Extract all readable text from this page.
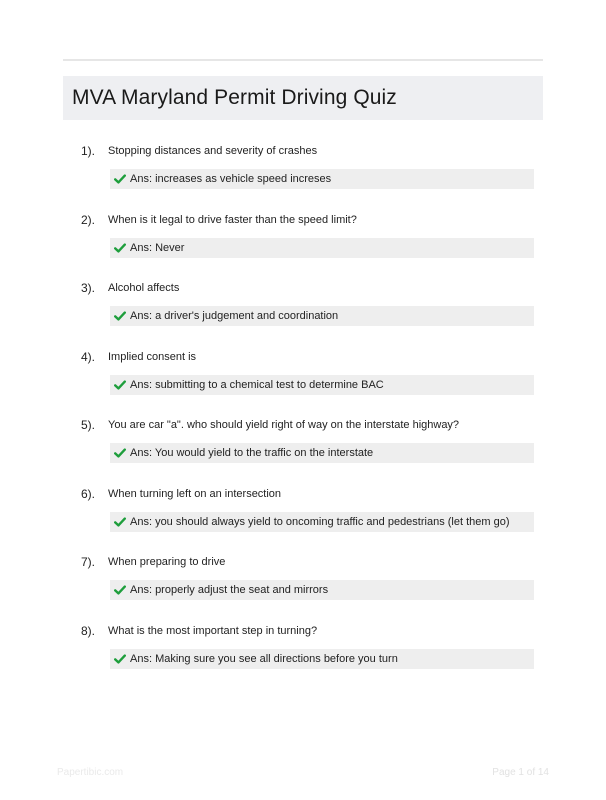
MVA Maryland Permit Driving Quiz
1). Stopping distances and severity of crashes
Ans: increases as vehicle speed increses
2). When is it legal to drive faster than the speed limit?
Ans: Never
3). Alcohol affects
Ans: a driver's judgement and coordination
4). Implied consent is
Ans: submitting to a chemical test to determine BAC
5). You are car "a". who should yield right of way on the interstate highway?
Ans: You would yield to the traffic on the interstate
6). When turning left on an intersection
Ans: you should always yield to oncoming traffic and pedestrians (let them go)
7). When preparing to drive
Ans: properly adjust the seat and mirrors
8). What is the most important step in turning?
Ans: Making sure you see all directions before you turn
Papertibic.com	Page 1 of 14
